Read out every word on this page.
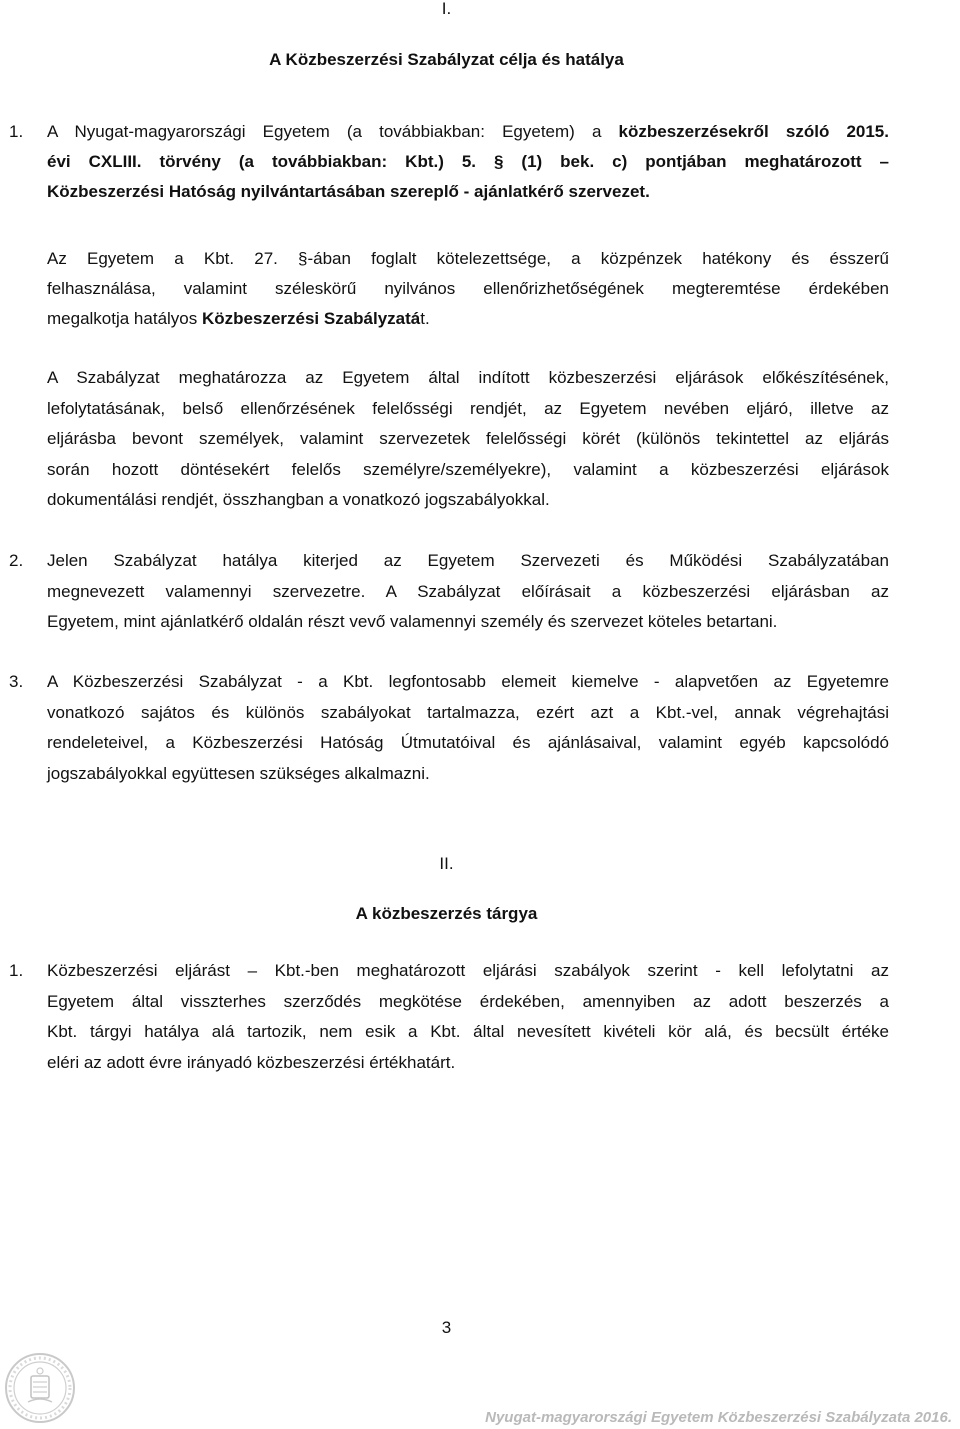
I.
A Közbeszerzési Szabályzat célja és hatálya
1.	A Nyugat-magyarországi Egyetem (a továbbiakban: Egyetem) a közbeszerzésekről szóló 2015.
évi CXLIII. törvény (a továbbiakban: Kbt.) 5. § (1) bek. c) pontjában meghatározott –
Közbeszerzési Hatóság nyilvántartásában szereplő - ajánlatkérő szervezet.
Az Egyetem a Kbt. 27. §-ában foglalt kötelezettsége, a közpénzek hatékony és ésszerű
felhasználása, valamint széleskörű nyilvános ellenőrizhetőségének megteremtése érdekében
megalkotja hatályos Közbeszerzési Szabályzatát.
A Szabályzat meghatározza az Egyetem által indított közbeszerzési eljárások előkészítésének,
lefolytatásának, belső ellenőrzésének felelősségi rendjét, az Egyetem nevében eljáró, illetve az
eljárásba bevont személyek, valamint szervezetek felelősségi körét (különös tekintettel az eljárás
során hozott döntésekért felelős személyre/személyekre), valamint a közbeszerzési eljárások
dokumentálási rendjét, összhangban a vonatkozó jogszabályokkal.
2.	Jelen Szabályzat hatálya kiterjed az Egyetem Szervezeti és Működési Szabályzatában
megnevezett valamennyi szervezetre. A Szabályzat előírásait a közbeszerzési eljárásban az
Egyetem, mint ajánlatkérő oldalán részt vevő valamennyi személy és szervezet köteles betartani.
3.	A Közbeszerzési Szabályzat - a Kbt. legfontosabb elemeit kiemelve - alapvetően az Egyetemre
vonatkozó sajátos és különös szabályokat tartalmazza, ezért azt a Kbt.-vel, annak végrehajtási
rendeleteivel, a Közbeszerzési Hatóság Útmutatóival és ajánlásaival, valamint egyéb kapcsolódó
jogszabályokkal együttesen szükséges alkalmazni.
II.
A közbeszerzés tárgya
1.	Közbeszerzési eljárást – Kbt.-ben meghatározott eljárási szabályok szerint - kell lefolytatni az
Egyetem által visszterhes szerződés megkötése érdekében, amennyiben az adott beszerzés a
Kbt. tárgyi hatálya alá tartozik, nem esik a Kbt. által nevesített kivételi kör alá, és becsült értéke
eléri az adott évre irányadó közbeszerzési értékhatárt.
3
Nyugat-magyarországi Egyetem Közbeszerzési Szabályzata 2016.
